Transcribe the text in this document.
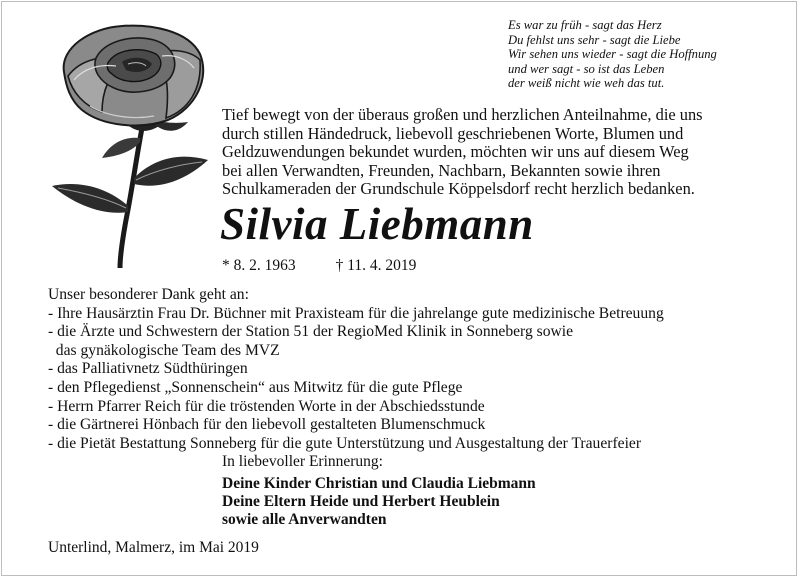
Es war zu früh - sagt das Herz
Du fehlst uns sehr - sagt die Liebe
Wir sehen uns wieder - sagt die Hoffnung
und wer sagt - so ist das Leben
der weiß nicht wie weh das tut.
Tief bewegt von der überaus großen und herzlichen Anteilnahme, die uns
durch stillen Händedruck, liebevoll geschriebenen Worte, Blumen und
Geldzuwendungen bekundet wurden, möchten wir uns auf diesem Weg
bei allen Verwandten, Freunden, Nachbarn, Bekannten sowie ihren
Schulkameraden der Grundschule Köppelsdorf recht herzlich bedanken.
Silvia Liebmann
* 8. 2. 1963	† 11. 4. 2019
Unser besonderer Dank geht an:
- Ihre Hausärztin Frau Dr. Büchner mit Praxisteam für die jahrelange gute medizinische Betreuung
- die Ärzte und Schwestern der Station 51 der RegioMed Klinik in Sonneberg sowie
das gynäkologische Team des MVZ
- das Palliativnetz Südthüringen
- den Pflegedienst „Sonnenschein“ aus Mitwitz für die gute Pflege
- Herrn Pfarrer Reich für die tröstenden Worte in der Abschiedsstunde
- die Gärtnerei Hönbach für den liebevoll gestalteten Blumenschmuck
- die Pietät Bestattung Sonneberg für die gute Unterstützung und Ausgestaltung der Trauerfeier
In liebevoller Erinnerung:
Deine Kinder Christian und Claudia Liebmann
Deine Eltern Heide und Herbert Heublein
sowie alle Anverwandten
Unterlind, Malmerz, im Mai 2019
